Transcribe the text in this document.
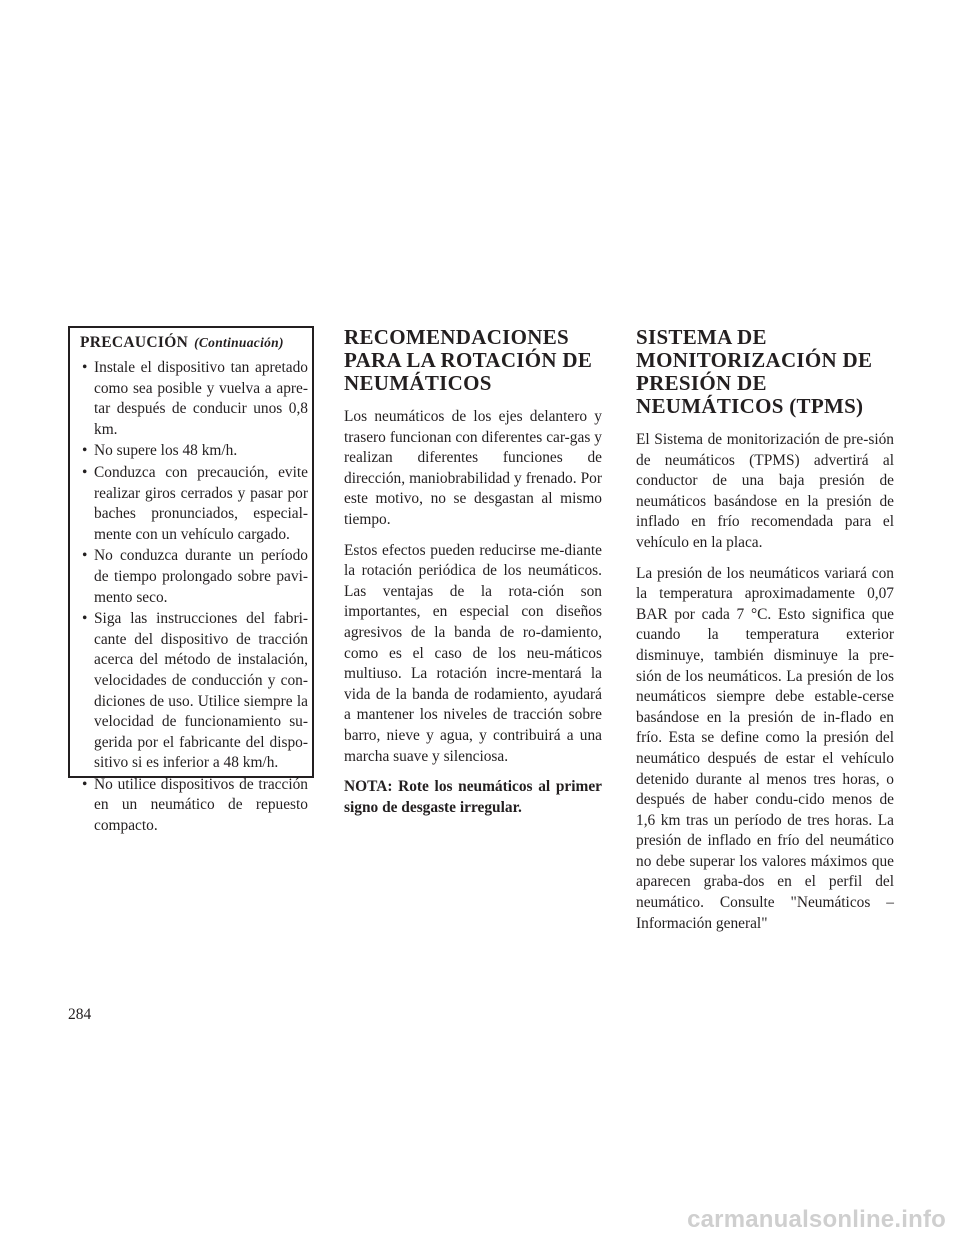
PRECAUCIÓN (Continuación)
• Instale el dispositivo tan apretado como sea posible y vuelva a apre-tar después de conducir unos 0,8 km.
• No supere los 48 km/h.
• Conduzca con precaución, evite realizar giros cerrados y pasar por baches pronunciados, especial-mente con un vehículo cargado.
• No conduzca durante un período de tiempo prolongado sobre pavi-mento seco.
• Siga las instrucciones del fabri-cante del dispositivo de tracción acerca del método de instalación, velocidades de conducción y con-diciones de uso. Utilice siempre la velocidad de funcionamiento su-gerida por el fabricante del dispo-sitivo si es inferior a 48 km/h.
• No utilice dispositivos de tracción en un neumático de repuesto compacto.
RECOMENDACIONES PARA LA ROTACIÓN DE NEUMÁTICOS

Los neumáticos de los ejes delantero y trasero funcionan con diferentes car-gas y realizan diferentes funciones de dirección, maniobrabilidad y frenado. Por este motivo, no se desgastan al mismo tiempo.

Estos efectos pueden reducirse me-diante la rotación periódica de los neumáticos. Las ventajas de la rota-ción son importantes, en especial con diseños agresivos de la banda de ro-damiento, como es el caso de los neu-máticos multiuso. La rotación incre-mentará la vida de la banda de rodamiento, ayudará a mantener los niveles de tracción sobre barro, nieve y agua, y contribuirá a una marcha suave y silenciosa.

NOTA: Rote los neumáticos al primer signo de desgaste irregular.

SISTEMA DE MONITORIZACIÓN DE PRESIÓN DE NEUMÁTICOS (TPMS)

El Sistema de monitorización de pre-sión de neumáticos (TPMS) advertirá al conductor de una baja presión de neumáticos basándose en la presión de inflado en frío recomendada para el vehículo en la placa.

La presión de los neumáticos variará con la temperatura aproximadamente 0,07 BAR por cada 7 °C. Esto significa que cuando la temperatura exterior disminuye, también disminuye la pre-sión de los neumáticos. La presión de los neumáticos siempre debe estable-cerse basándose en la presión de in-flado en frío. Esta se define como la presión del neumático después de estar el vehículo detenido durante al menos tres horas, o después de haber condu-cido menos de 1,6 km tras un período de tres horas. La presión de inflado en frío del neumático no debe superar los valores máximos que aparecen graba-dos en el perfil del neumático. Consulte "Neumáticos – Información general"

284
carmanualsonline.info
